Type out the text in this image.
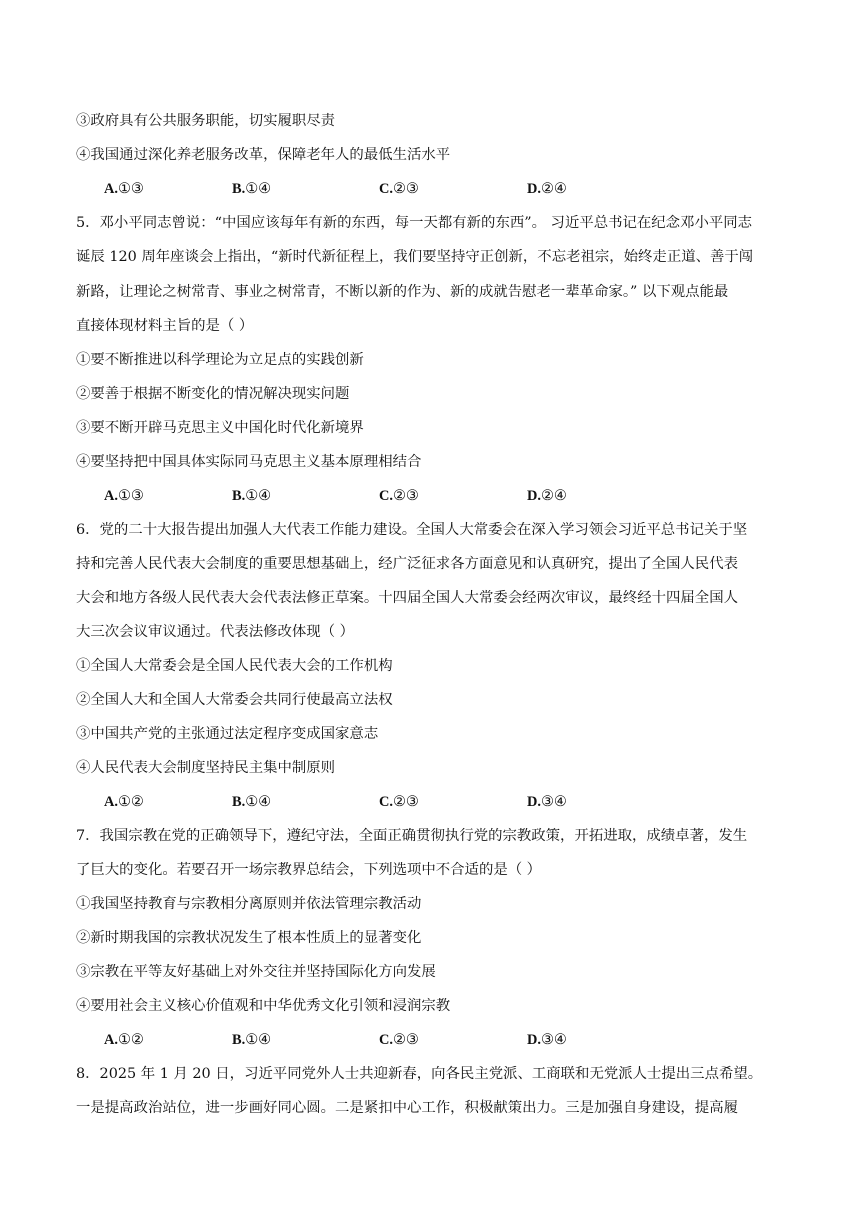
③政府具有公共服务职能，切实履职尽责
④我国通过深化养老服务改革，保障老年人的最低生活水平
A.①③	B.①④	C.②③	D.②④
5．邓小平同志曾说：“中国应该每年有新的东西，每一天都有新的东西”。 习近平总书记在纪念邓小平同志
诞辰 120 周年座谈会上指出，“新时代新征程上，我们要坚持守正创新，不忘老祖宗，始终走正道、善于闯
新路，让理论之树常青、事业之树常青，不断以新的作为、新的成就告慰老一辈革命家。” 以下观点能最
直接体现材料主旨的是（ ）
①要不断推进以科学理论为立足点的实践创新
②要善于根据不断变化的情况解决现实问题
③要不断开辟马克思主义中国化时代化新境界
④要坚持把中国具体实际同马克思主义基本原理相结合
A.①③	B.①④	C.②③	D.②④
6．党的二十大报告提出加强人大代表工作能力建设。全国人大常委会在深入学习领会习近平总书记关于坚
持和完善人民代表大会制度的重要思想基础上，经广泛征求各方面意见和认真研究，提出了全国人民代表
大会和地方各级人民代表大会代表法修正草案。十四届全国人大常委会经两次审议，最终经十四届全国人
大三次会议审议通过。代表法修改体现（ ）
①全国人大常委会是全国人民代表大会的工作机构
②全国人大和全国人大常委会共同行使最高立法权
③中国共产党的主张通过法定程序变成国家意志
④人民代表大会制度坚持民主集中制原则
A.①②	B.①④	C.②③	D.③④
7．我国宗教在党的正确领导下，遵纪守法，全面正确贯彻执行党的宗教政策，开拓进取，成绩卓著，发生
了巨大的变化。若要召开一场宗教界总结会，下列选项中不合适的是（ ）
①我国坚持教育与宗教相分离原则并依法管理宗教活动
②新时期我国的宗教状况发生了根本性质上的显著变化
③宗教在平等友好基础上对外交往并坚持国际化方向发展
④要用社会主义核心价值观和中华优秀文化引领和浸润宗教
A.①②	B.①④	C.②③	D.③④
8．2025 年 1 月 20 日，习近平同党外人士共迎新春，向各民主党派、工商联和无党派人士提出三点希望。
一是提高政治站位，进一步画好同心圆。二是紧扣中心工作，积极献策出力。三是加强自身建设，提高履
